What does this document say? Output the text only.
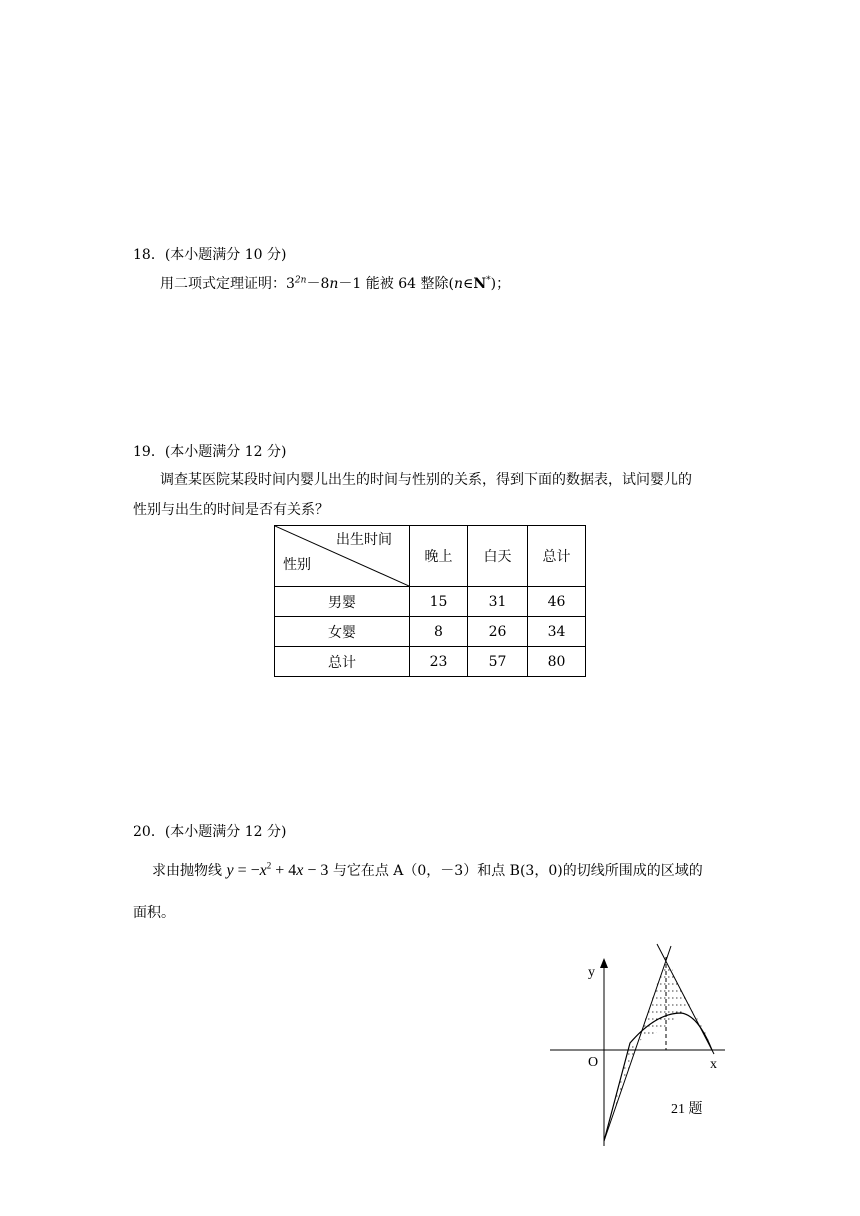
18．(本小题满分 10 分)
用二项式定理证明：$3^{2n}-8n-1$ 能被 64 整除(n∈N*)；
19．(本小题满分 12 分)
调查某医院某段时间内婴儿出生的时间与性别的关系，得到下面的数据表，试问婴儿的
性别与出生的时间是否有关系？
出生时间
性别	晚上	白天	总计
男婴	15	31	46
女婴	8	26	34
总计	23	57	80
20．(本小题满分 12 分)
求由抛物线 $y = -x^2 + 4x - 3$ 与它在点 A（0，－3）和点 B(3，0)的切线所围成的区域的
面积。
y
x
O
21 题
